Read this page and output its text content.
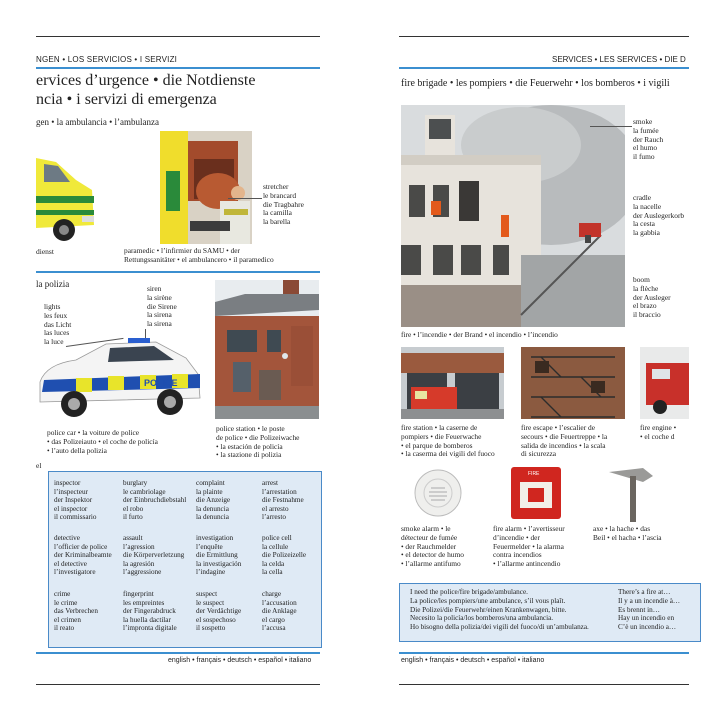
NGEN • LOS SERVICIOS • I SERVIZI
ervices d’urgence • die Notdienste
ncia • i servizi di emergenza
gen • la ambulancia • l’ambulanza
dienst
stretcher
le brancard
die Tragbahre
la camilla
la barella
paramedic • l’infirmier du SAMU • der
Rettungssanitäter • el ambulancero • il paramedico
la polizia
lights
les feux
das Licht
las luces
la luce
siren
la sirène
die Sirene
la sirena
la sirena
POLICE
police car • la voiture de police
• das Polizeiauto • el coche de policía
• l’auto della polizia
police station • le poste
de police • die Polizeiwache
• la estación de policía
• la stazione di polizia
el
inspector
l’inspecteur
der Inspektor
el inspector
il commissario
burglary
le cambriolage
der Einbruchdiebstahl
el robo
il furto
complaint
la plainte
die Anzeige
la denuncia
la denuncia
arrest
l’arrestation
die Festnahme
el arresto
l’arresto
detective
l’officier de police
der Kriminalbeamte
el detective
l’investigatore
assault
l’agression
die Körperverletzung
la agresión
l’aggressione
investigation
l’enquête
die Ermittlung
la investigación
l’indagine
police cell
la cellule
die Polizeizelle
la celda
la cella
crime
le crime
das Verbrechen
el crimen
il reato
fingerprint
les empreintes
der Fingerabdruck
la huella dactilar
l’impronta digitale
suspect
le suspect
der Verdächtige
el sospechoso
il sospetto
charge
l’accusation
die Anklage
el cargo
l’accusa
english • français • deutsch • español • italiano
SERVICES • LES SERVICES • DIE D
fire brigade • les pompiers • die Feuerwehr • los bomberos • i vigili
smoke
la fumée
der Rauch
el humo
il fumo
cradle
la nacelle
der Auslegerkorb
la cesta
la gabbia
boom
la flèche
der Ausleger
el brazo
il braccio
fire • l’incendie • der Brand • el incendio • l’incendio
fire station • la caserne de
pompiers • die Feuerwache
• el parque de bomberos
• la caserma dei vigili del fuoco
fire escape • l’escalier de
secours • die Feuertreppe • la
salida de incendios • la scala
di sicurezza
fire engine •
• el coche d
FIRE
smoke alarm • le
détecteur de fumée
• der Rauchmelder
• el detector de humo
• l’allarme antifumo
fire alarm • l’avertisseur
d’incendie • der
Feuermelder • la alarma
contra incendios
• l’allarme antincendio
axe • la hache • das
Beil • el hacha • l’ascia
I need the police/fire brigade/ambulance.
La police/les pompiers/une ambulance, s’il vous plaît.
Die Polizei/die Feuerwehr/einen Krankenwagen, bitte.
Necesito la policía/los bomberos/una ambulancia.
Ho bisogno della polizia/dei vigili del fuoco/di un’ambulanza.
There’s a fire at…
Il y a un incendie à…
Es brennt in…
Hay un incendio en
C’è un incendio a…
english • français • deutsch • español • italiano
